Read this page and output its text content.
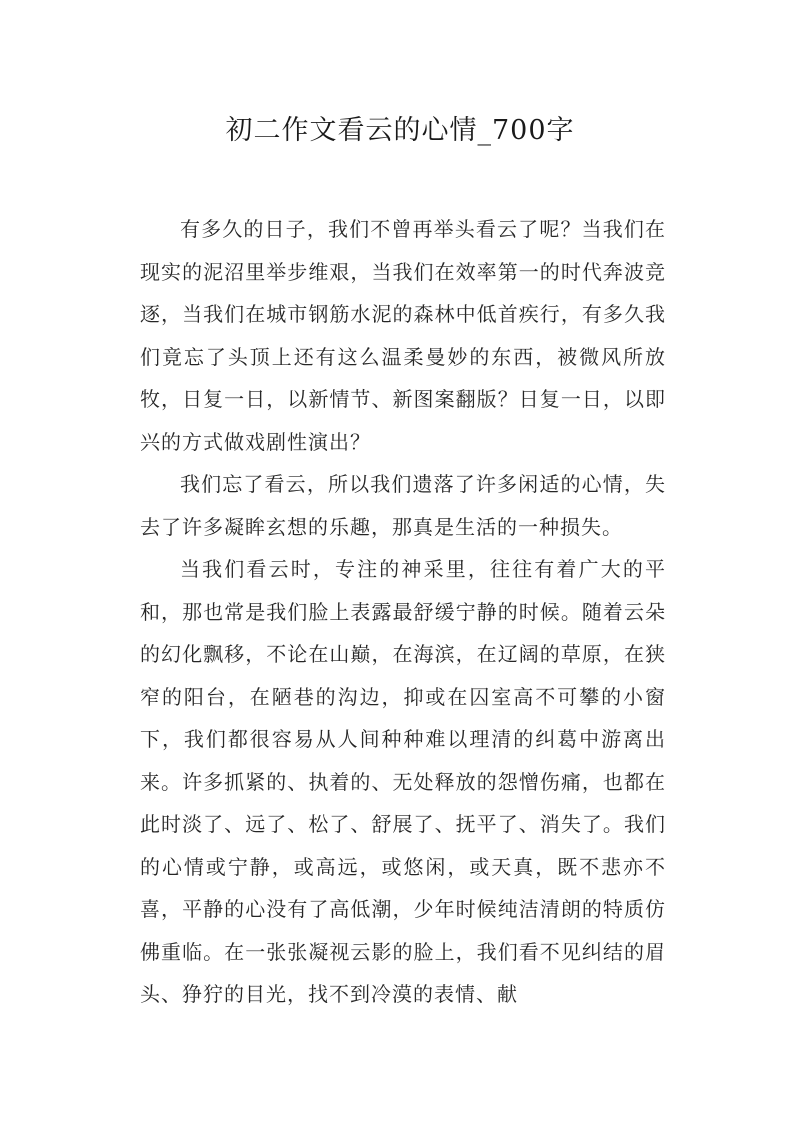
初二作文看云的心情_700字

有多久的日子，我们不曾再举头看云了呢？当我们在现实的泥沼里举步维艰，当我们在效率第一的时代奔波竞逐，当我们在城市钢筋水泥的森林中低首疾行，有多久我们竟忘了头顶上还有这么温柔曼妙的东西，被微风所放牧，日复一日，以新情节、新图案翻版？日复一日，以即兴的方式做戏剧性演出？

我们忘了看云，所以我们遗落了许多闲适的心情，失去了许多凝眸玄想的乐趣，那真是生活的一种损失。

当我们看云时，专注的神采里，往往有着广大的平和，那也常是我们脸上表露最舒缓宁静的时候。随着云朵的幻化飘移，不论在山巅，在海滨，在辽阔的草原，在狭窄的阳台，在陋巷的沟边，抑或在囚室高不可攀的小窗下，我们都很容易从人间种种难以理清的纠葛中游离出来。许多抓紧的、执着的、无处释放的怨憎伤痛，也都在此时淡了、远了、松了、舒展了、抚平了、消失了。我们的心情或宁静，或高远，或悠闲，或天真，既不悲亦不喜，平静的心没有了高低潮，少年时候纯洁清朗的特质仿佛重临。在一张张凝视云影的脸上，我们看不见纠结的眉头、狰狞的目光，找不到冷漠的表情、献
